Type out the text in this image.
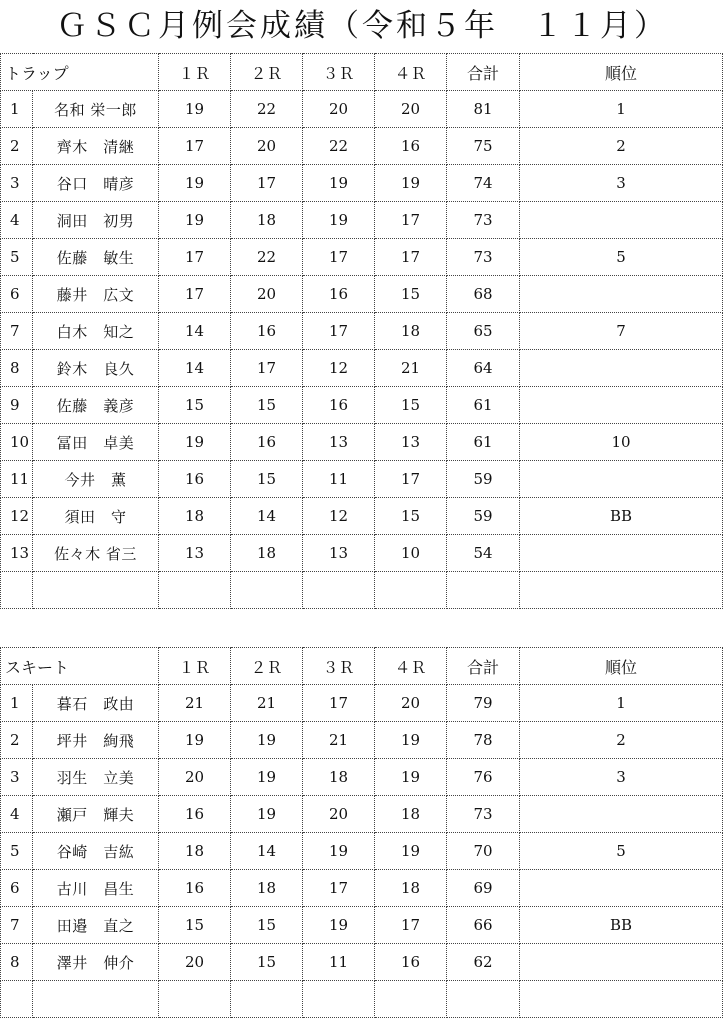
ＧＳＣ月例会成績（令和５年　１１月）
トラップ		１Ｒ	２Ｒ	３Ｒ	４Ｒ	合計	順位
1	名和 栄一郎	19	22	20	20	81	1
2	齊木　清継	17	20	22	16	75	2
3	谷口　晴彦	19	17	19	19	74	3
4	洞田　初男	19	18	19	17	73	
5	佐藤　敏生	17	22	17	17	73	5
6	藤井　広文	17	20	16	15	68	
7	白木　知之	14	16	17	18	65	7
8	鈴木　良久	14	17	12	21	64	
9	佐藤　義彦	15	15	16	15	61	
10	冨田　卓美	19	16	13	13	61	10
11	今井　薫	16	15	11	17	59	
12	須田　守	18	14	12	15	59	BB
13	佐々木 省三	13	18	13	10	54	

スキート		１Ｒ	２Ｒ	３Ｒ	４Ｒ	合計	順位
1	暮石　政由	21	21	17	20	79	1
2	坪井　絢飛	19	19	21	19	78	2
3	羽生　立美	20	19	18	19	76	3
4	瀬戸　輝夫	16	19	20	18	73	
5	谷崎　吉紘	18	14	19	19	70	5
6	古川　昌生	16	18	17	18	69	
7	田邉　直之	15	15	19	17	66	BB
8	澤井　伸介	20	15	11	16	62	
